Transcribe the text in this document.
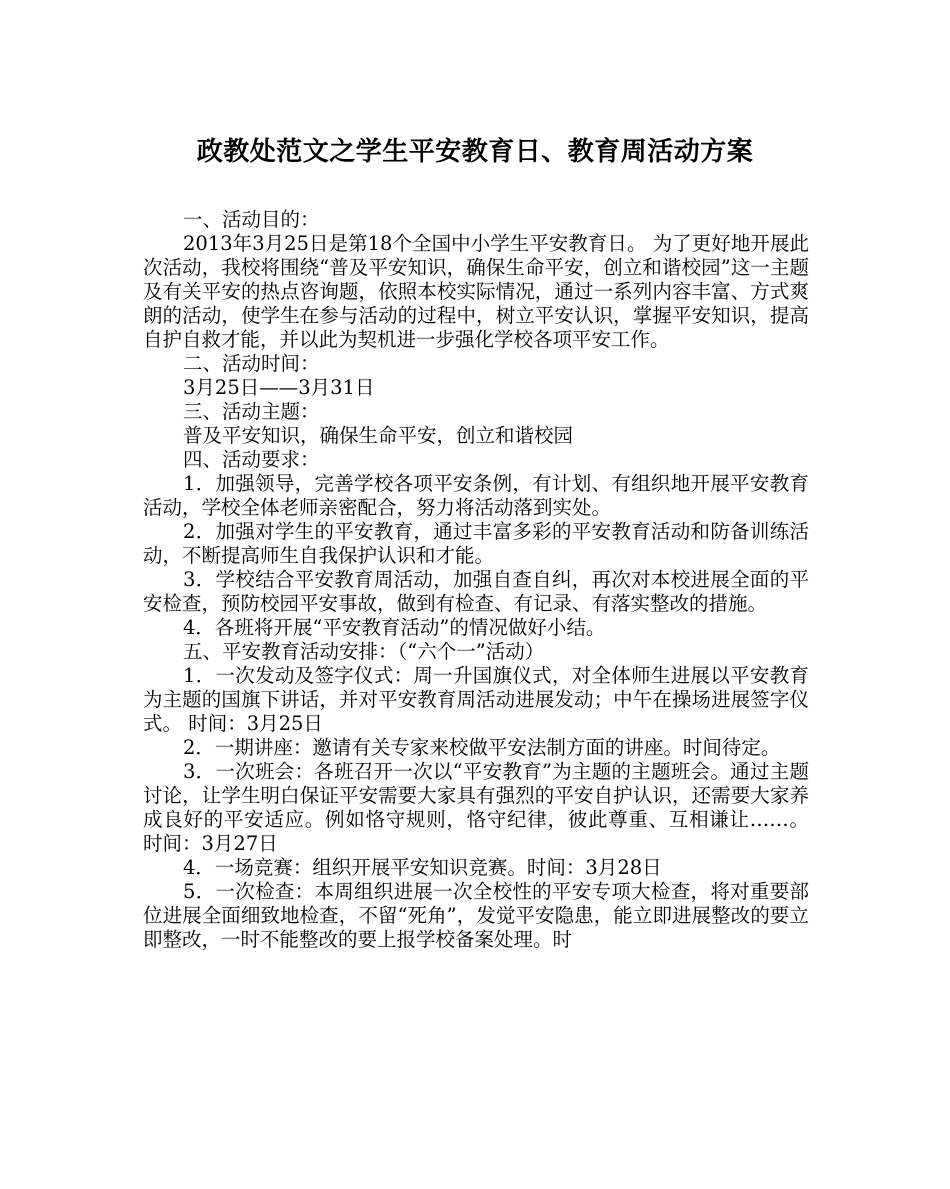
政教处范文之学生平安教育日、教育周活动方案

一、活动目的：

2013年3月25日是第18个全国中小学生平安教育日。 为了更好地开展此次活动，我校将围绕“普及平安知识，确保生命平安，创立和谐校园”这一主题及有关平安的热点咨询题，依照本校实际情况，通过一系列内容丰富、方式爽朗的活动，使学生在参与活动的过程中，树立平安认识，掌握平安知识，提高自护自救才能，并以此为契机进一步强化学校各项平安工作。

二、活动时间：

3月25日——3月31日

三、活动主题：

普及平安知识，确保生命平安，创立和谐校园

四、活动要求：

1．加强领导，完善学校各项平安条例，有计划、有组织地开展平安教育活动，学校全体老师亲密配合，努力将活动落到实处。

2．加强对学生的平安教育，通过丰富多彩的平安教育活动和防备训练活动，不断提高师生自我保护认识和才能。

3．学校结合平安教育周活动，加强自查自纠，再次对本校进展全面的平安检查，预防校园平安事故，做到有检查、有记录、有落实整改的措施。

4．各班将开展“平安教育活动”的情况做好小结。

五、平安教育活动安排：（“六个一”活动）

1．一次发动及签字仪式：周一升国旗仪式，对全体师生进展以平安教育为主题的国旗下讲话，并对平安教育周活动进展发动；中午在操场进展签字仪式。 时间：3月25日

2．一期讲座：邀请有关专家来校做平安法制方面的讲座。时间待定。

3．一次班会：各班召开一次以“平安教育”为主题的主题班会。通过主题讨论，让学生明白保证平安需要大家具有强烈的平安自护认识，还需要大家养成良好的平安适应。例如恪守规则，恪守纪律，彼此尊重、互相谦让……。 时间：3月27日

4．一场竞赛：组织开展平安知识竞赛。时间：3月28日

5．一次检查：本周组织进展一次全校性的平安专项大检查，将对重要部位进展全面细致地检查，不留“死角”，发觉平安隐患，能立即进展整改的要立即整改，一时不能整改的要上报学校备案处理。时
